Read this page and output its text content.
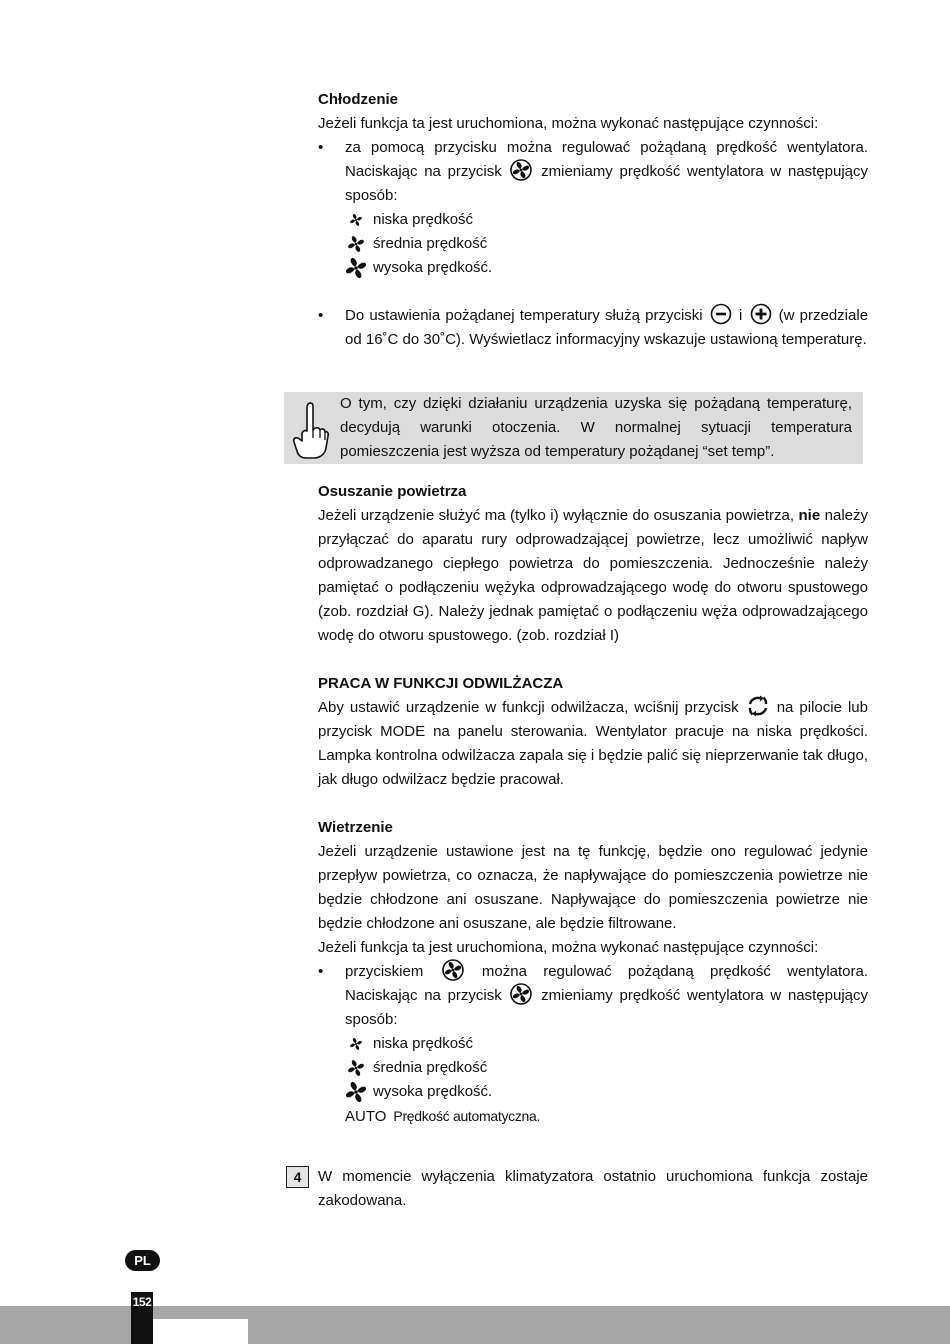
Chłodzenie
Jeżeli funkcja ta jest uruchomiona, można wykonać następujące czynności:
• za pomocą przycisku można regulować pożądaną prędkość wentylatora. Naciskając na przycisk	zmieniamy prędkość wentylatora w następujący sposób:
niska prędkość
średnia prędkość
wysoka prędkość.
• Do ustawienia pożądanej temperatury służą przyciski i (w przedziale od 16˚C do 30˚C). Wyświetlacz informacyjny wskazuje ustawioną temperaturę.
Osuszanie powietrza
Jeżeli urządzenie służyć ma (tylko i) wyłącznie do osuszania powietrza, nie należy przyłączać do aparatu rury odprowadzającej powietrze, lecz umożliwić napływ odprowadzanego ciepłego powietrza do pomieszczenia. Jednocześnie należy pamiętać o podłączeniu wężyka odprowadzającego wodę do otworu spustowego (zob. rozdział G). Należy jednak pamiętać o podłączeniu węża odprowadzającego wodę do otworu spustowego. (zob. rozdział I)
PRACA W FUNKCJI ODWILŻACZA
Aby ustawić urządzenie w funkcji odwilżacza, wciśnij przycisk	na pilocie lub przycisk MODE na panelu sterowania. Wentylator pracuje na niska prędkości. Lampka kontrolna odwilżacza zapala się i będzie palić się nieprzerwanie tak długo, jak długo odwilżacz będzie pracował.
Wietrzenie
Jeżeli urządzenie ustawione jest na tę funkcję, będzie ono regulować jedynie przepływ powietrza, co oznacza, że napływające do pomieszczenia powietrze nie będzie chłodzone ani osuszane. Napływające do pomieszczenia powietrze nie będzie chłodzone ani osuszane, ale będzie filtrowane.
Jeżeli funkcja ta jest uruchomiona, można wykonać następujące czynności:
• przyciskiem	można regulować pożądaną prędkość wentylatora. Naciskając na przycisk	zmieniamy prędkość wentylatora w następujący sposób:
niska prędkość
średnia prędkość
wysoka prędkość.
AUTO Prędkość automatyczna.
O tym, czy dzięki działaniu urządzenia uzyska się pożądaną temperaturę, decydują warunki otoczenia. W normalnej sytuacji temperatura pomieszczenia jest wyższa od temperatury pożądanej “set temp”.
4	W momencie wyłączenia klimatyzatora ostatnio uruchomiona funkcja zostaje zakodowana.
PL
152
